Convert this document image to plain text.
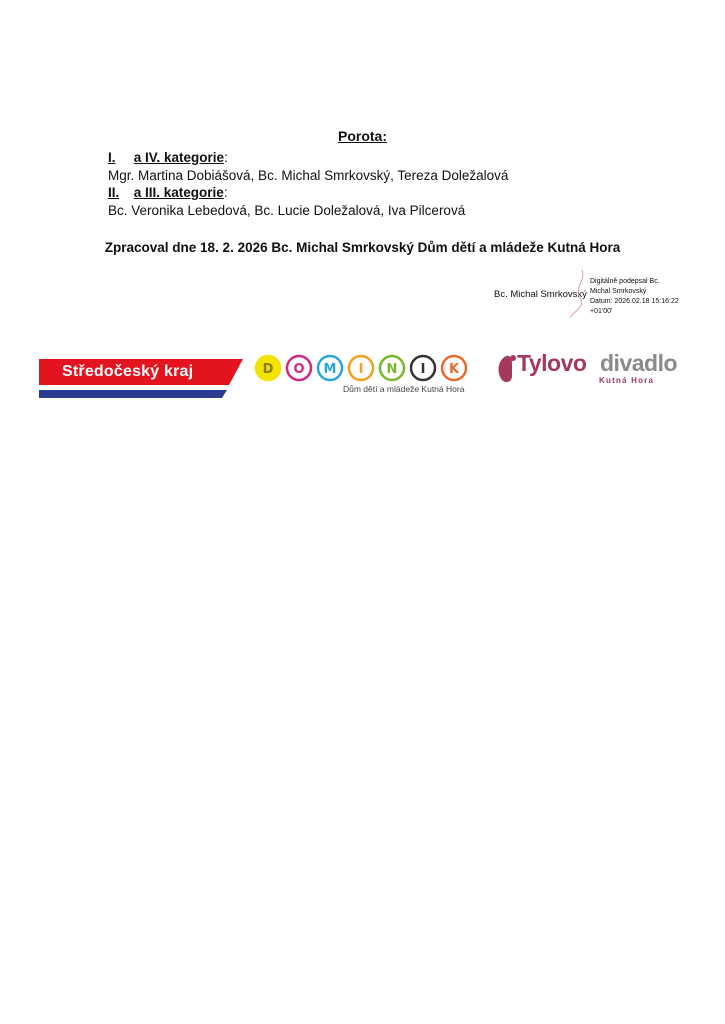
Porota:
I. a IV. kategorie:
Mgr. Martina Dobiášová, Bc. Michal Smrkovský, Tereza Doležalová
II. a III. kategorie:
Bc. Veronika Lebedová, Bc. Lucie Doležalová, Iva Pilcerová
Zpracoval dne 18. 2. 2026 Bc. Michal Smrkovský Dům dětí a mládeže Kutná Hora
Bc. Michal Smrkovský
Digitálně podepsal Bc.
Michal Smrkovský
Datum: 2026.02.18 15:16:22
+01'00'
Středočeský kraj	D O M I N I K
Dům dětí a mládeže Kutná Hora
Tylovo divadlo
Kutná Hora
